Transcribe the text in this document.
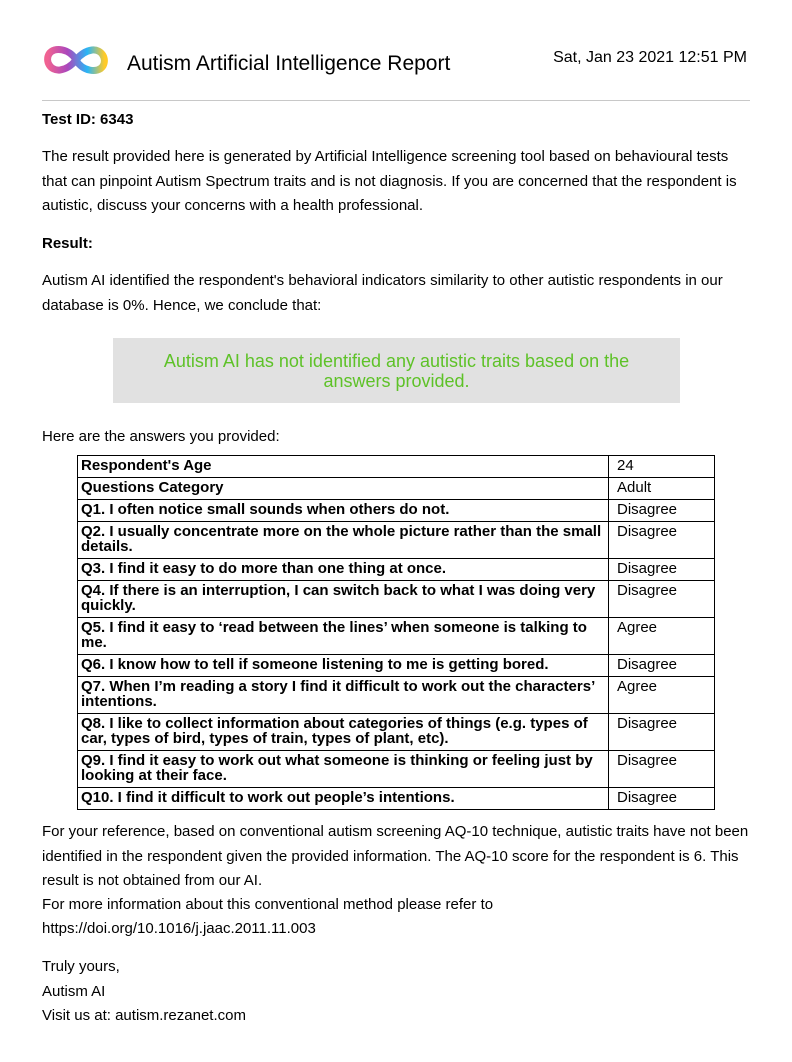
Autism Artificial Intelligence Report	Sat, Jan 23 2021 12:51 PM
Test ID: 6343
The result provided here is generated by Artificial Intelligence screening tool based on behavioural tests that can pinpoint Autism Spectrum traits and is not diagnosis. If you are concerned that the respondent is autistic, discuss your concerns with a health professional.
Result:
Autism AI identified the respondent's behavioral indicators similarity to other autistic respondents in our database is 0%. Hence, we conclude that:
Autism AI has not identified any autistic traits based on the answers provided.
Here are the answers you provided:
Respondent's Age	24
Questions Category	Adult
Q1. I often notice small sounds when others do not.	Disagree
Q2. I usually concentrate more on the whole picture rather than the small details.	Disagree
Q3. I find it easy to do more than one thing at once.	Disagree
Q4. If there is an interruption, I can switch back to what I was doing very quickly.	Disagree
Q5. I find it easy to ‘read between the lines’ when someone is talking to me.	Agree
Q6. I know how to tell if someone listening to me is getting bored.	Disagree
Q7. When I’m reading a story I find it difficult to work out the characters’ intentions.	Agree
Q8. I like to collect information about categories of things (e.g. types of car, types of bird, types of train, types of plant, etc).	Disagree
Q9. I find it easy to work out what someone is thinking or feeling just by looking at their face.	Disagree
Q10. I find it difficult to work out people’s intentions.	Disagree
For your reference, based on conventional autism screening AQ-10 technique, autistic traits have not been identified in the respondent given the provided information. The AQ-10 score for the respondent is 6. This result is not obtained from our AI.
For more information about this conventional method please refer to
https://doi.org/10.1016/j.jaac.2011.11.003
Truly yours,
Autism AI
Visit us at: autism.rezanet.com
